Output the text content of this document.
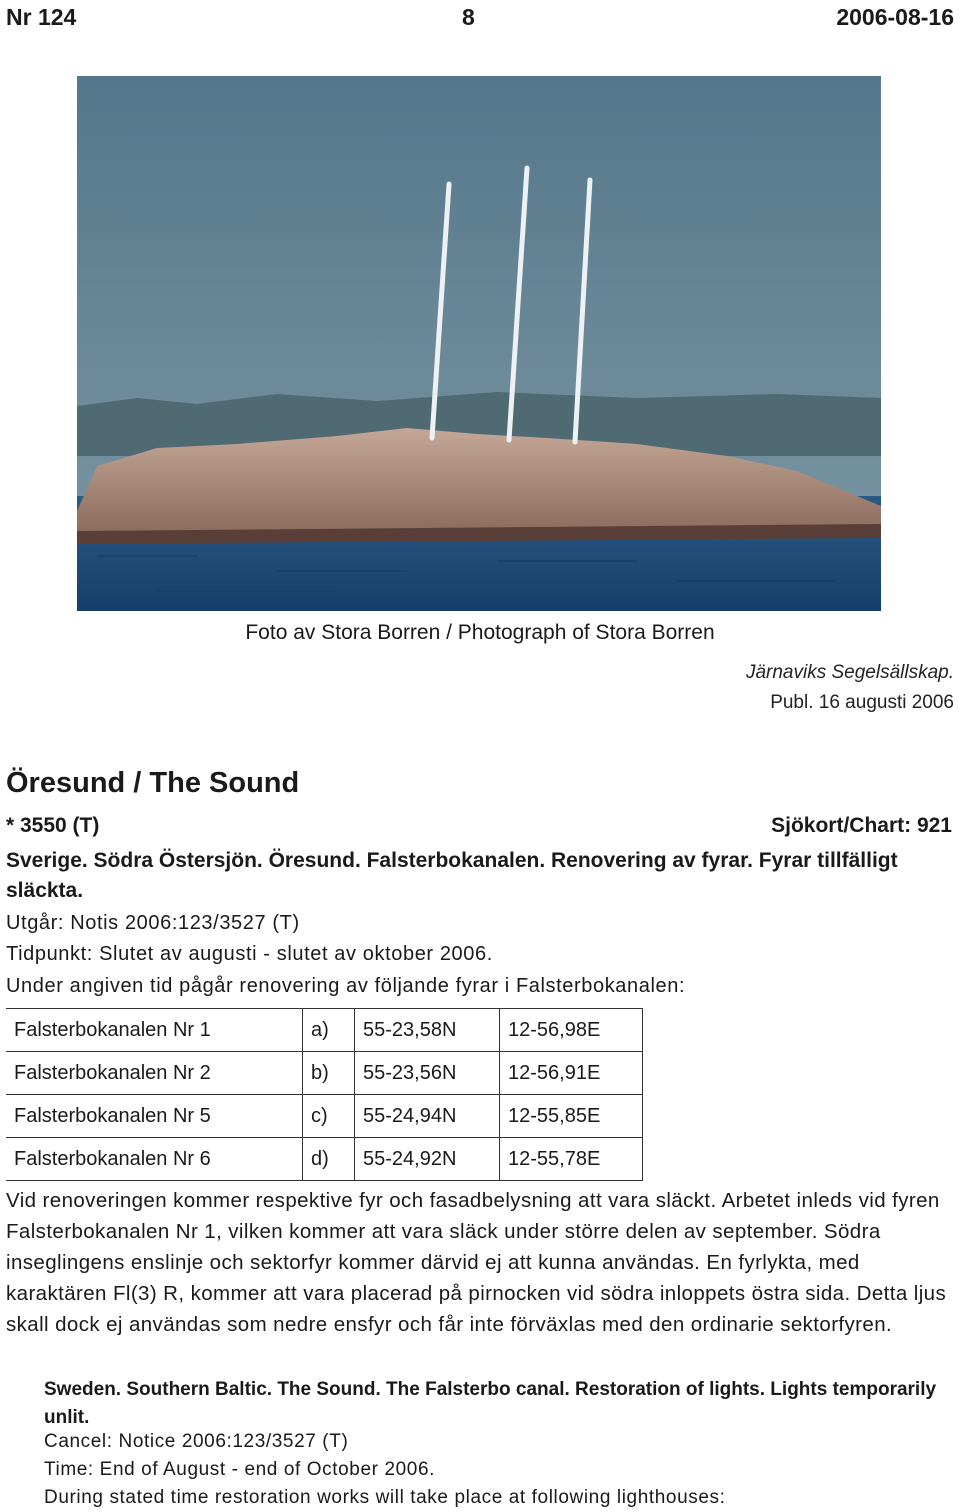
Nr 124	8	2006-08-16
Foto av Stora Borren / Photograph of Stora Borren
Järnaviks Segelsällskap.
Publ. 16 augusti 2006
Öresund / The Sound
* 3550 (T)	Sjökort/Chart: 921
Sverige. Södra Östersjön. Öresund. Falsterbokanalen. Renovering av fyrar. Fyrar tillfälligt släckta.
Utgår: Notis 2006:123/3527 (T)
Tidpunkt: Slutet av augusti - slutet av oktober 2006.
Under angiven tid pågår renovering av följande fyrar i Falsterbokanalen:
Falsterbokanalen Nr 1	a)	55-23,58N	12-56,98E
Falsterbokanalen Nr 2	b)	55-23,56N	12-56,91E
Falsterbokanalen Nr 5	c)	55-24,94N	12-55,85E
Falsterbokanalen Nr 6	d)	55-24,92N	12-55,78E
Vid renoveringen kommer respektive fyr och fasadbelysning att vara släckt. Arbetet inleds vid fyren Falsterbokanalen Nr 1, vilken kommer att vara släck under större delen av september. Södra inseglingens enslinje och sektorfyr kommer därvid ej att kunna användas. En fyrlykta, med karaktären Fl(3) R, kommer att vara placerad på pirnocken vid södra inloppets östra sida. Detta ljus skall dock ej användas som nedre ensfyr och får inte förväxlas med den ordinarie sektorfyren.
Sweden. Southern Baltic. The Sound. The Falsterbo canal. Restoration of lights. Lights temporarily unlit.
Cancel: Notice 2006:123/3527 (T)
Time: End of August - end of October 2006.
During stated time restoration works will take place at following lighthouses:
